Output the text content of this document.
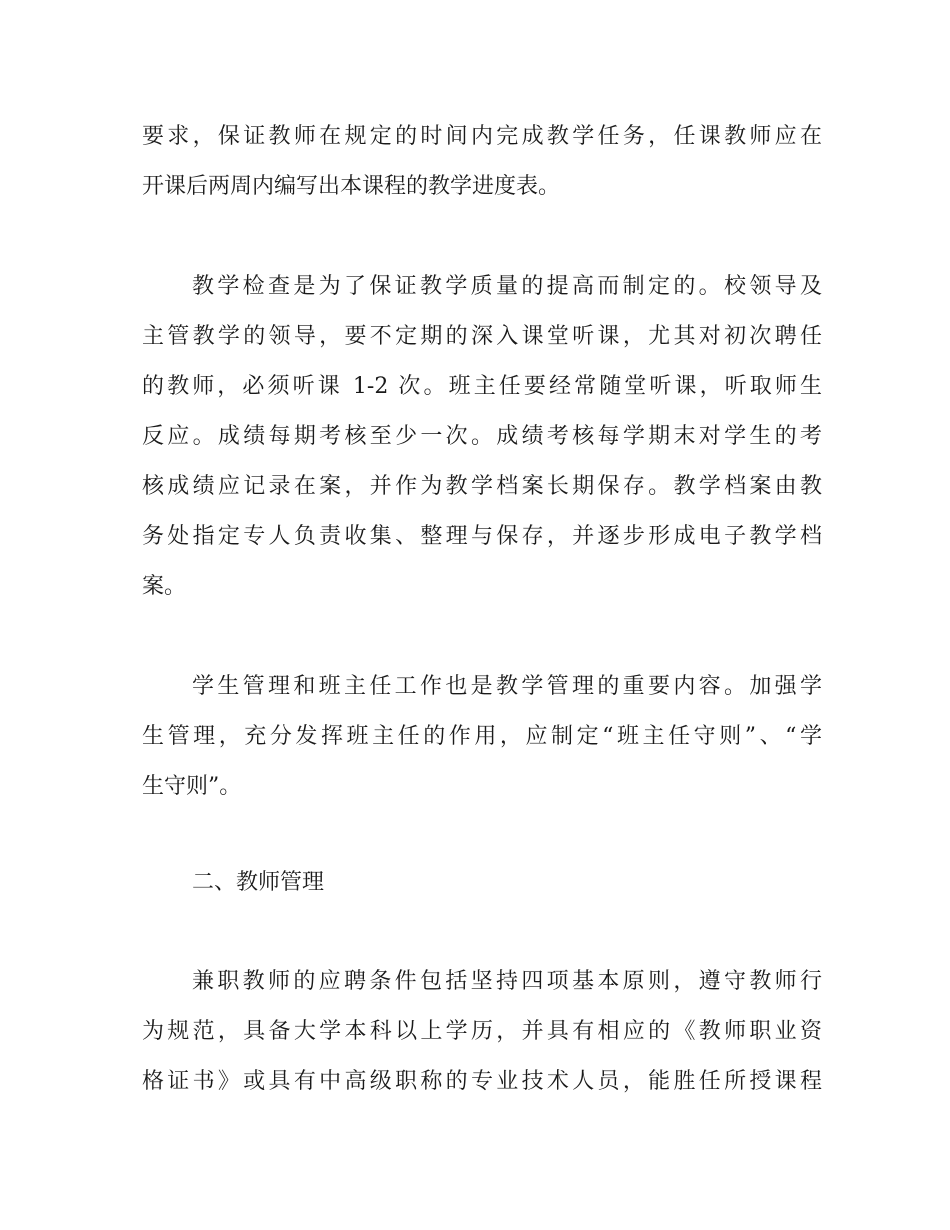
要求，保证教师在规定的时间内完成教学任务，任课教师应在
开课后两周内编写出本课程的教学进度表。
教学检查是为了保证教学质量的提高而制定的。校领导及
主管教学的领导，要不定期的深入课堂听课，尤其对初次聘任
的教师，必须听课 1-2 次。班主任要经常随堂听课，听取师生
反应。成绩每期考核至少一次。成绩考核每学期末对学生的考
核成绩应记录在案，并作为教学档案长期保存。教学档案由教
务处指定专人负责收集、整理与保存，并逐步形成电子教学档
案。
学生管理和班主任工作也是教学管理的重要内容。加强学
生管理，充分发挥班主任的作用，应制定“班主任守则”、“学
生守则”。
二、教师管理
兼职教师的应聘条件包括坚持四项基本原则，遵守教师行
为规范，具备大学本科以上学历，并具有相应的《教师职业资
格证书》或具有中高级职称的专业技术人员，能胜任所授课程
